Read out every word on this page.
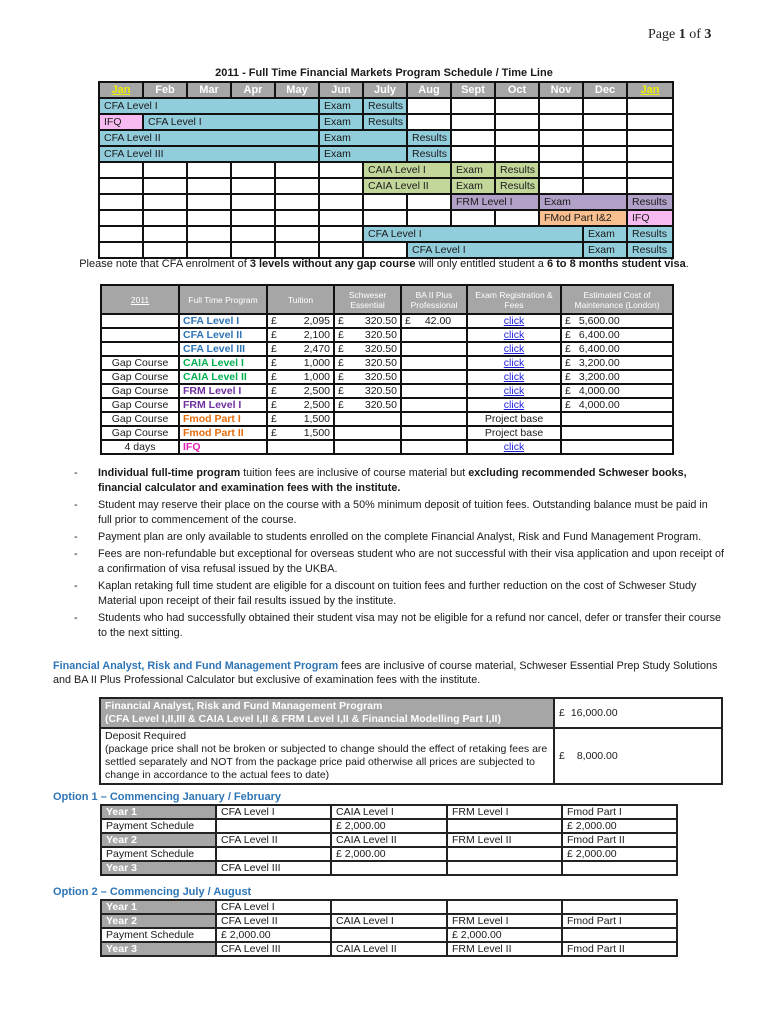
Page 1 of 3
2011 - Full Time Financial Markets Program Schedule / Time Line
Jan	Feb	Mar	Apr	May	Jun	July	Aug	Sept	Oct	Nov	Dec	Jan
CFA Level I					Exam	Results						
IFQ	CFA Level I				Exam	Results						
CFA Level II					Exam		Results					
CFA Level III					Exam		Results					
						CAIA Level I		Exam	Results			
						CAIA Level II		Exam	Results			
								FRM Level I		Exam		Results
										FMod Part I&2		IFQ
						CFA Level I					Exam	Results
							CFA Level I				Exam	Results
Please note that CFA enrolment of 3 levels without any gap course will only entitled student a 6 to 8 months student visa.
2011	Full Time Program	Tuition	Schweser Essential	BA II Plus Professional	Exam Registration & Fees	Estimated Cost of Maintenance (London)
	CFA Level I	£ 2,095	£ 320.50	£ 42.00	click	£ 5,600.00

	CFA Level II	£ 2,100	£ 320.50		click	£ 6,400.00

	CFA Level III	£ 2,470	£ 320.50		click	£ 6,400.00

Gap Course	CAIA Level I	£ 1,000	£ 320.50		click	£ 3,200.00

Gap Course	CAIA Level II	£ 1,000	£ 320.50		click	£ 3,200.00

Gap Course	FRM Level I	£ 2,500	£ 320.50		click	£ 4,000.00

Gap Course	FRM Level I	£ 2,500	£ 320.50		click	£ 4,000.00

Gap Course	Fmod Part I	£ 1,500			Project base	
Gap Course	Fmod Part II	£ 1,500			Project base	
4 days	IFQ				click	
- Individual full-time program tuition fees are inclusive of course material but excluding recommended Schweser books, financial calculator and examination fees with the institute.
- Student may reserve their place on the course with a 50% minimum deposit of tuition fees. Outstanding balance must be paid in full prior to commencement of the course.
- Payment plan are only available to students enrolled on the complete Financial Analyst, Risk and Fund Management Program.
- Fees are non-refundable but exceptional for overseas student who are not successful with their visa application and upon receipt of a confirmation of visa refusal issued by the UKBA.
- Kaplan retaking full time student are eligible for a discount on tuition fees and further reduction on the cost of Schweser Study Material upon receipt of their fail results issued by the institute.
- Students who had successfully obtained their student visa may not be eligible for a refund nor cancel, defer or transfer their course to the next sitting.
Financial Analyst, Risk and Fund Management Program fees are inclusive of course material, Schweser Essential Prep Study Solutions and BA II Plus Professional Calculator but exclusive of examination fees with the institute.
Financial Analyst, Risk and Fund Management Program
(CFA Level I,II,III & CAIA Level I,II & FRM Level I,II & Financial Modelling Part I,II)

£ 16,000.00

Deposit Required
(package price shall not be broken or subjected to change should the effect of retaking fees are settled separately and NOT from the package price paid otherwise all prices are subjected to change in accordance to the actual fees to date)

£ 8,000.00
Option 1 – Commencing January / February
Year 1	CFA Level I	CAIA Level I	FRM Level I	Fmod Part I
Payment Schedule		£ 2,000.00		£ 2,000.00
Year 2	CFA Level II	CAIA Level II	FRM Level II	Fmod Part II
Payment Schedule		£ 2,000.00		£ 2,000.00
Year 3	CFA Level III			
Option 2 – Commencing July / August
Year 1	CFA Level I			
Year 2	CFA Level II	CAIA Level I	FRM Level I	Fmod Part I
Payment Schedule	£ 2,000.00		£ 2,000.00	
Year 3	CFA Level III	CAIA Level II	FRM Level II	Fmod Part II
